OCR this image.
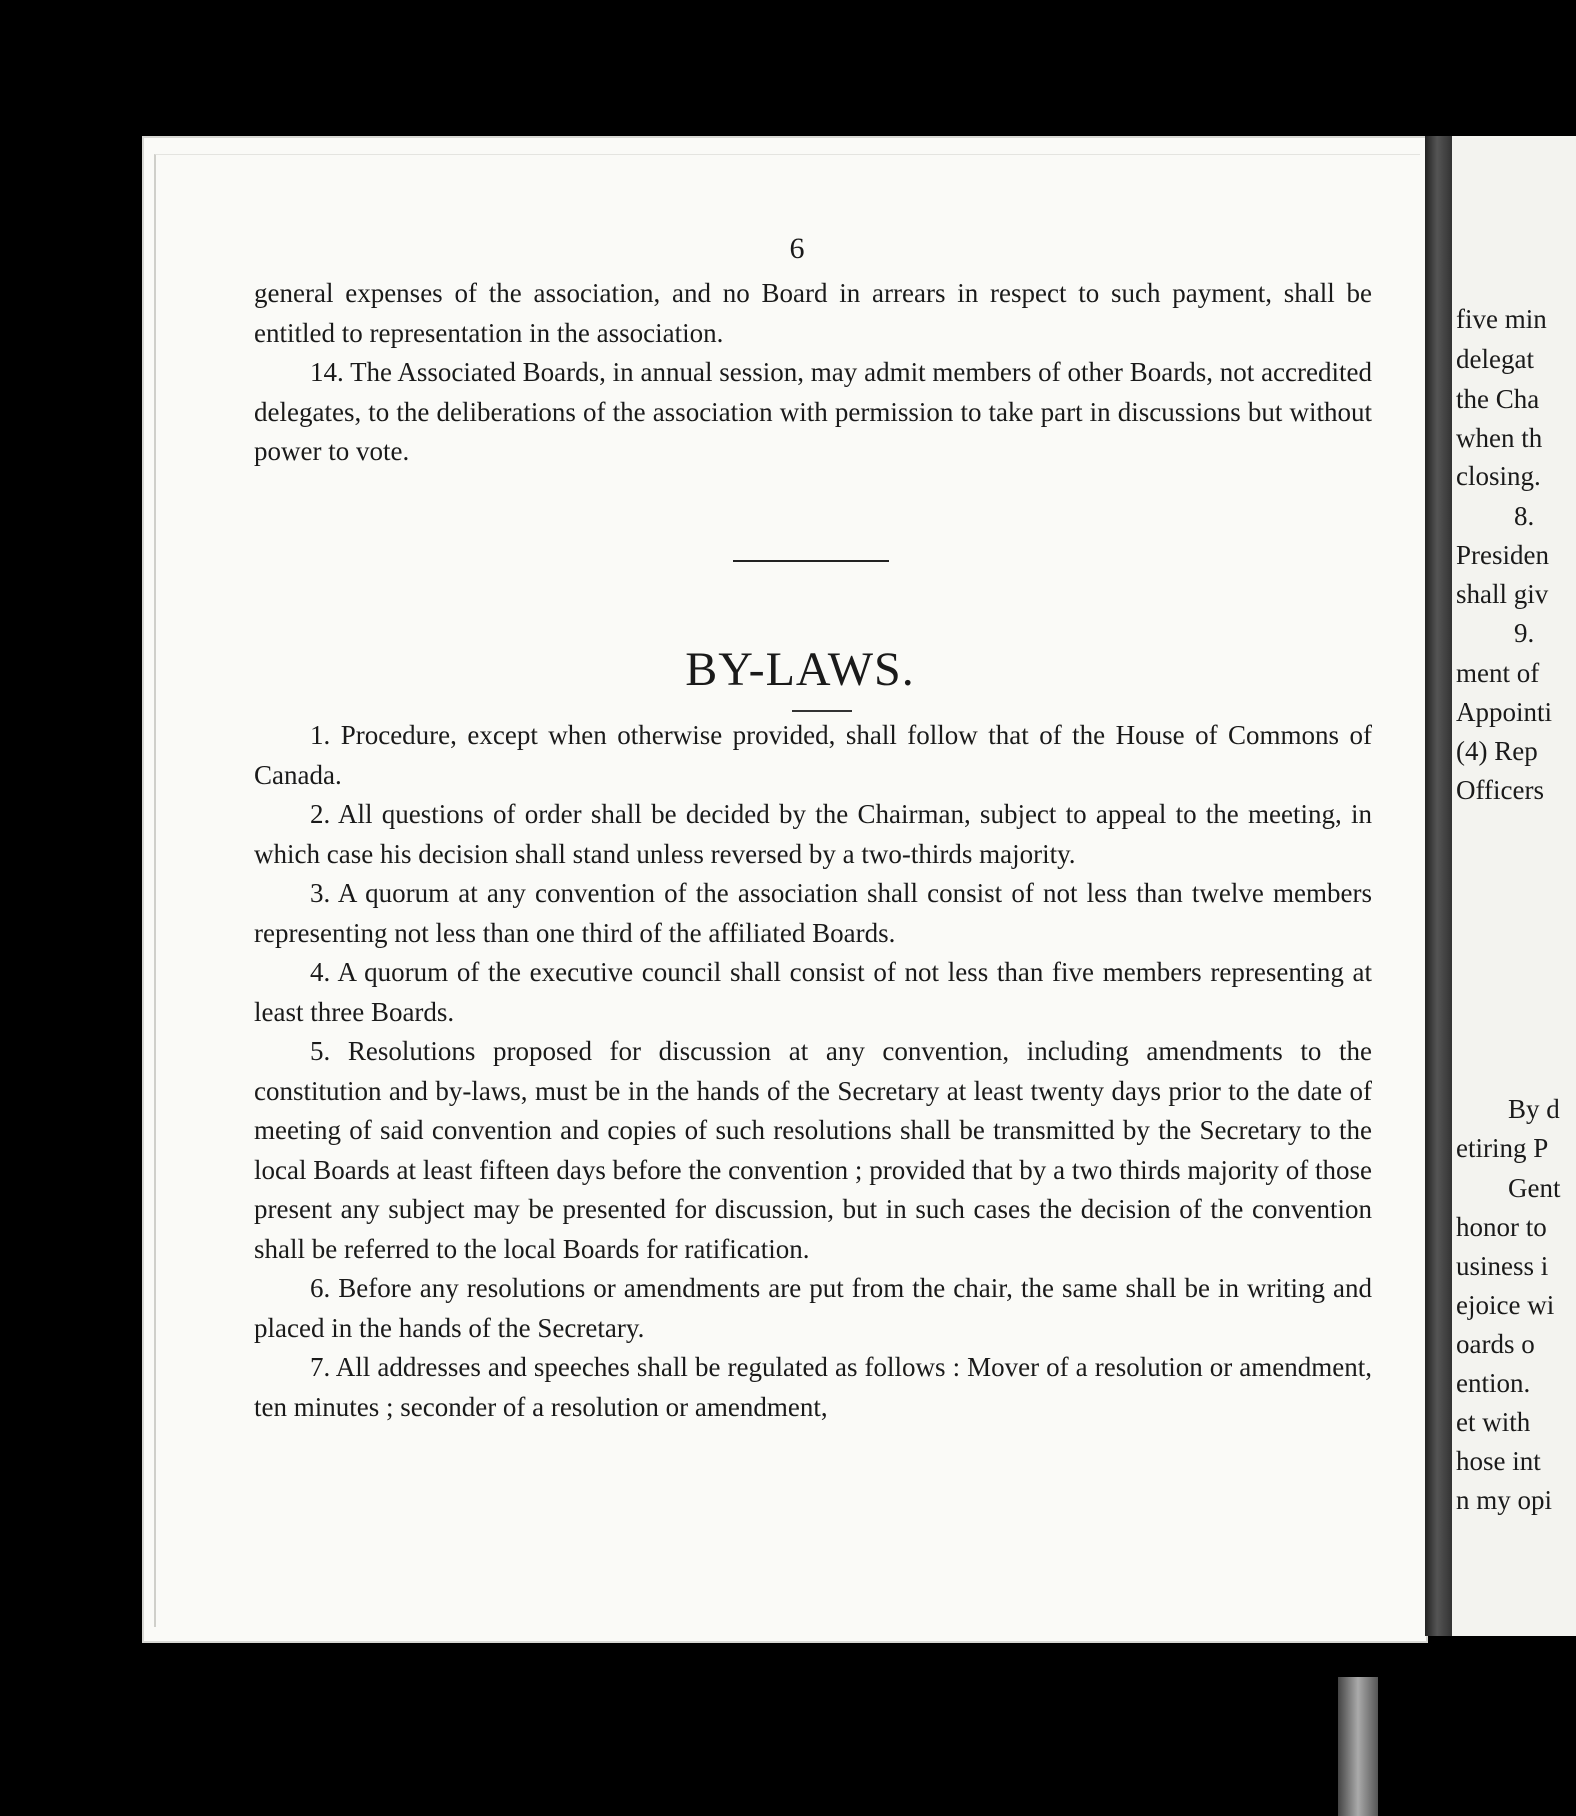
6

general expenses of the association, and no Board in arrears in respect to such payment, shall be entitled to representation in the association.

14. The Associated Boards, in annual session, may admit members of other Boards, not accredited delegates, to the deliberations of the association with permission to take part in discussions but without power to vote.

BY-LAWS.

1. Procedure, except when otherwise provided, shall follow that of the House of Commons of Canada.

2. All questions of order shall be decided by the Chairman, subject to appeal to the meeting, in which case his decision shall stand unless reversed by a two-thirds majority.

3. A quorum at any convention of the association shall consist of not less than twelve members representing not less than one third of the affiliated Boards.

4. A quorum of the executive council shall consist of not less than five members representing at least three Boards.

5. Resolutions proposed for discussion at any convention, including amendments to the constitution and by-laws, must be in the hands of the Secretary at least twenty days prior to the date of meeting of said convention and copies of such resolutions shall be transmitted by the Secretary to the local Boards at least fifteen days before the convention ; provided that by a two thirds majority of those present any subject may be presented for discussion, but in such cases the decision of the convention shall be referred to the local Boards for ratification.

6. Before any resolutions or amendments are put from the chair, the same shall be in writing and placed in the hands of the Secretary.

7. All addresses and speeches shall be regulated as follows : Mover of a resolution or amendment, ten minutes ; seconder of a resolution or amendment,

five min
delegat
the Cha
when th
closing.
8.
Presiden
shall giv
9.
ment of
Appointi
(4) Rep
Officers
By d
etiring P
Gent
honor to
usiness i
ejoice wi
oards o
ention.
et with
hose int
n my opi
